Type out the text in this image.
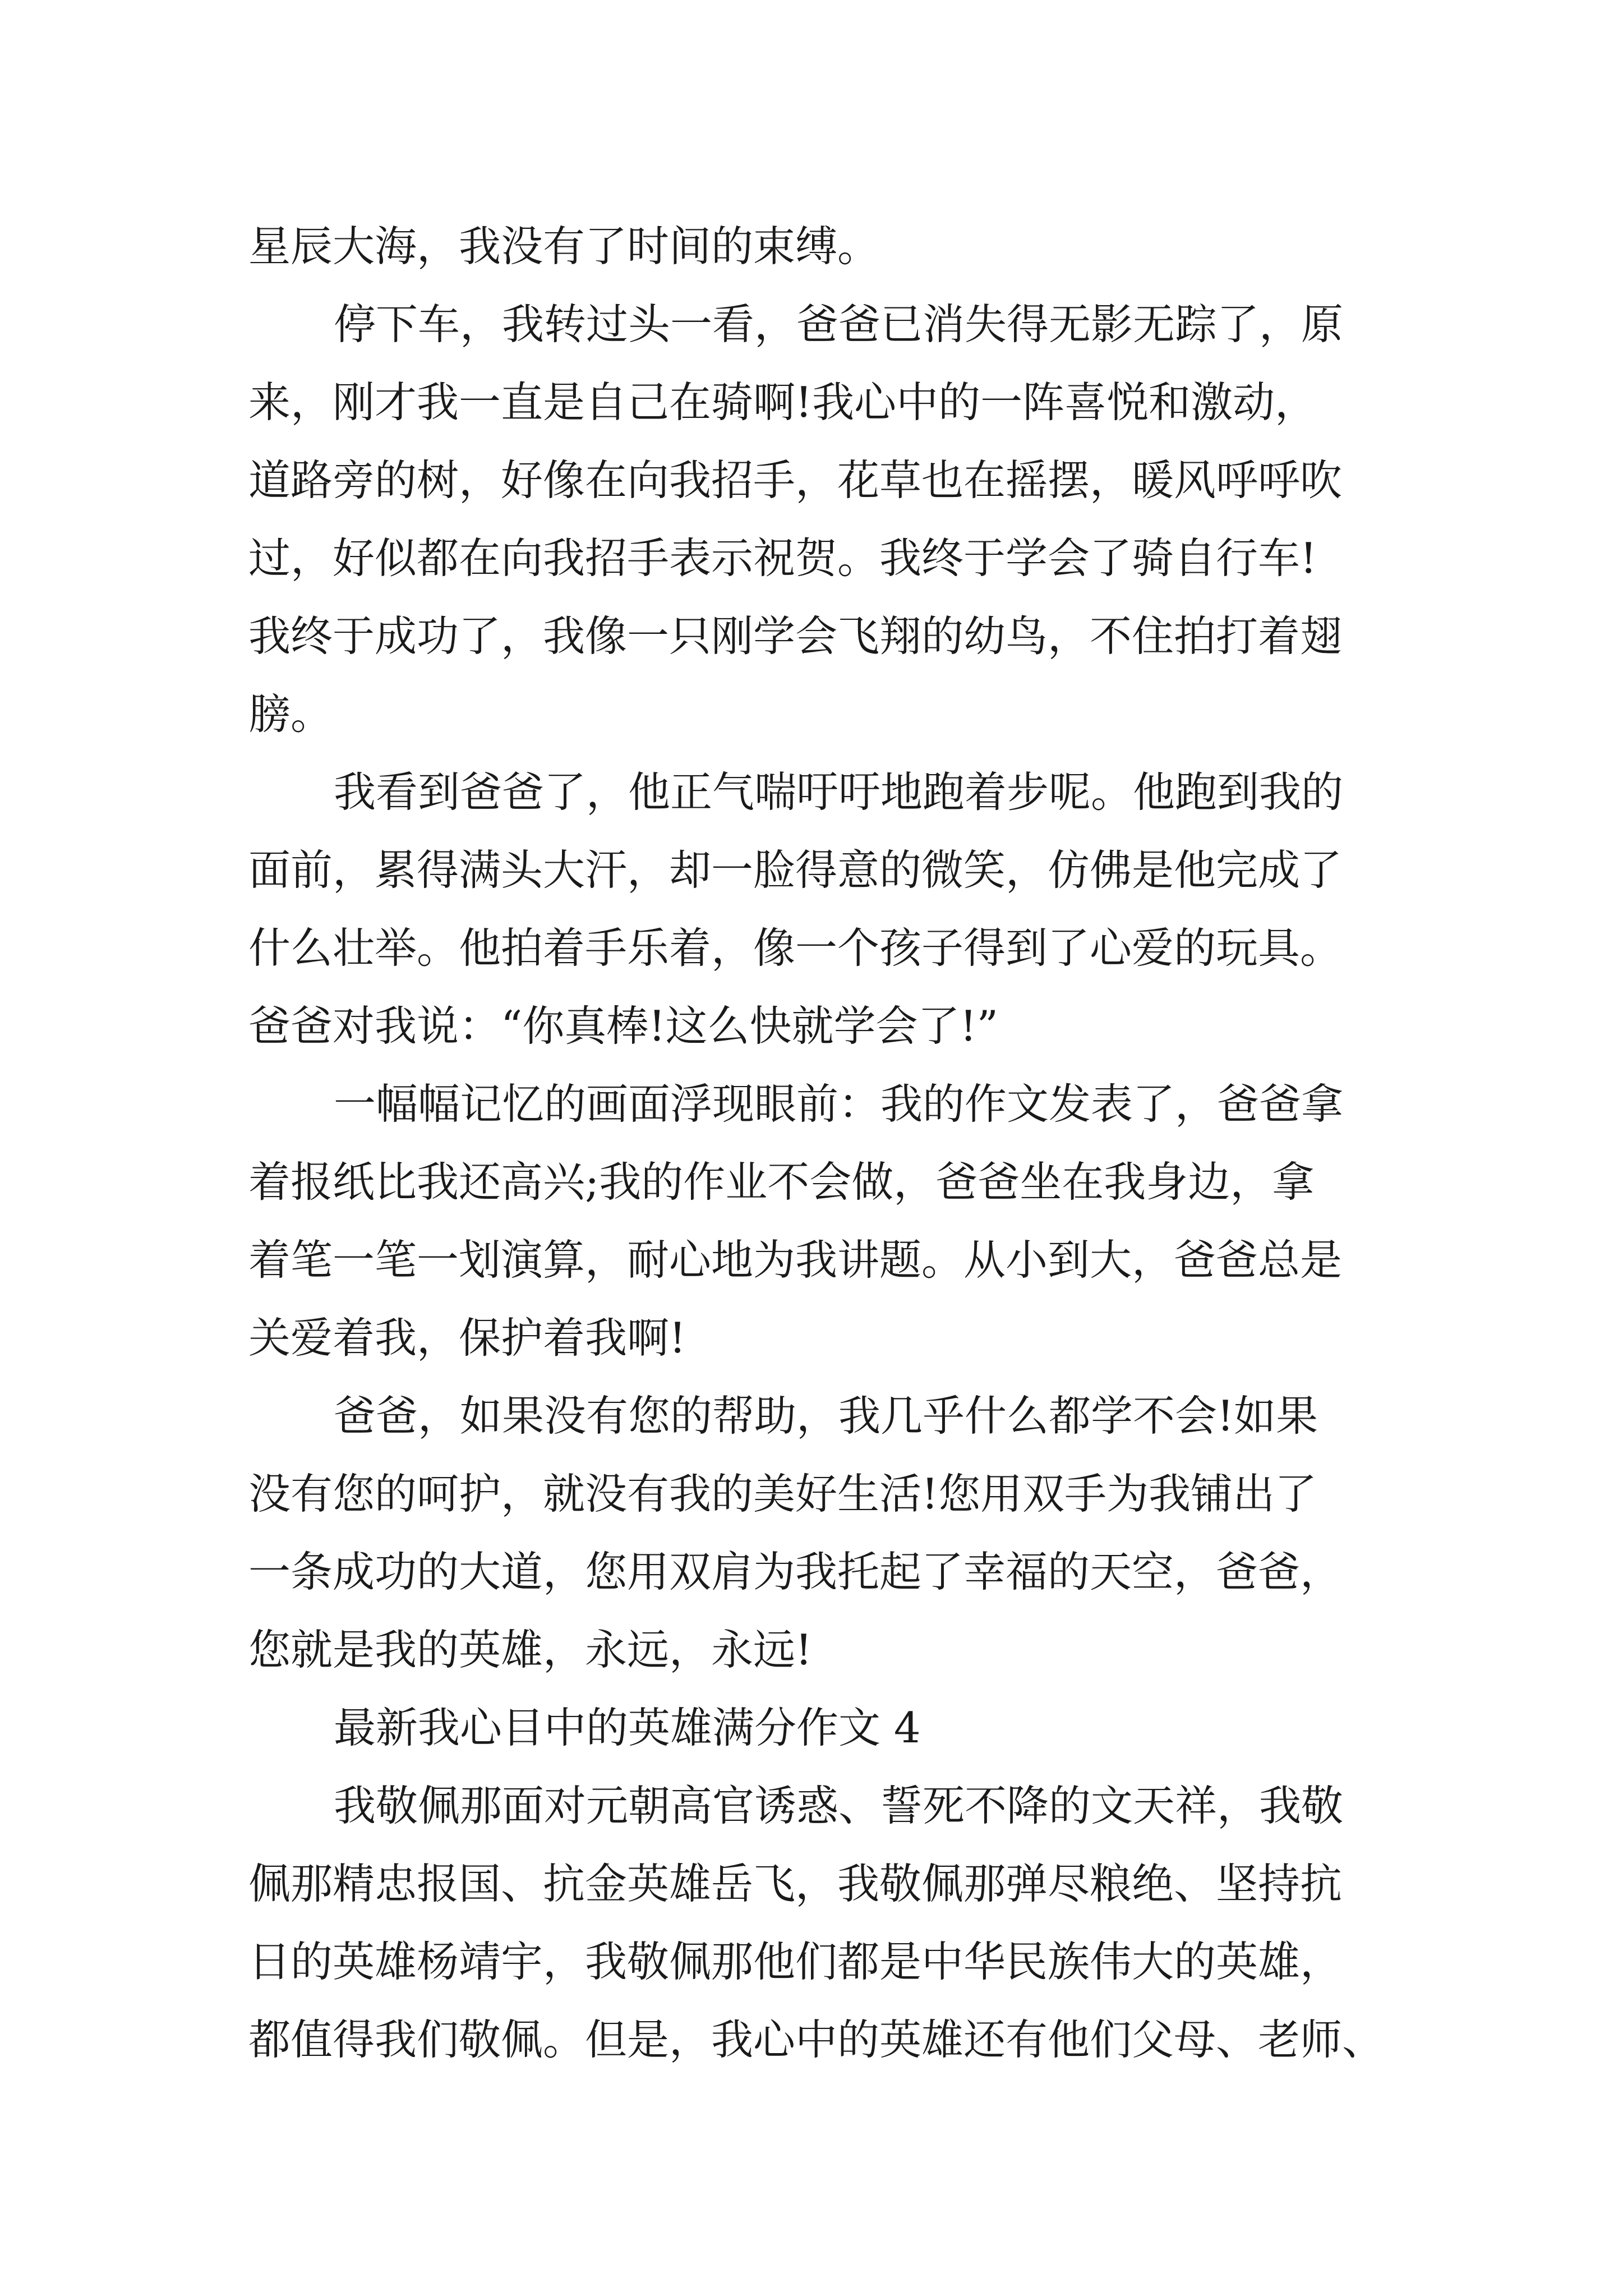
星辰大海，我没有了时间的束缚。
停下车，我转过头一看，爸爸已消失得无影无踪了，原
来，刚才我一直是自己在骑啊!我心中的一阵喜悦和激动，
道路旁的树，好像在向我招手，花草也在摇摆，暖风呼呼吹
过，好似都在向我招手表示祝贺。我终于学会了骑自行车!
我终于成功了，我像一只刚学会飞翔的幼鸟，不住拍打着翅
膀。
我看到爸爸了，他正气喘吁吁地跑着步呢。他跑到我的
面前，累得满头大汗，却一脸得意的微笑，仿佛是他完成了
什么壮举。他拍着手乐着，像一个孩子得到了心爱的玩具。
爸爸对我说：“你真棒!这么快就学会了!”
一幅幅记忆的画面浮现眼前：我的作文发表了，爸爸拿
着报纸比我还高兴;我的作业不会做，爸爸坐在我身边，拿
着笔一笔一划演算，耐心地为我讲题。从小到大，爸爸总是
关爱着我，保护着我啊!
爸爸，如果没有您的帮助，我几乎什么都学不会!如果
没有您的呵护，就没有我的美好生活!您用双手为我铺出了
一条成功的大道，您用双肩为我托起了幸福的天空，爸爸，
您就是我的英雄，永远，永远!
最新我心目中的英雄满分作文 4
我敬佩那面对元朝高官诱惑、誓死不降的文天祥，我敬
佩那精忠报国、抗金英雄岳飞，我敬佩那弹尽粮绝、坚持抗
日的英雄杨靖宇，我敬佩那他们都是中华民族伟大的英雄，
都值得我们敬佩。但是，我心中的英雄还有他们父母、老师、
